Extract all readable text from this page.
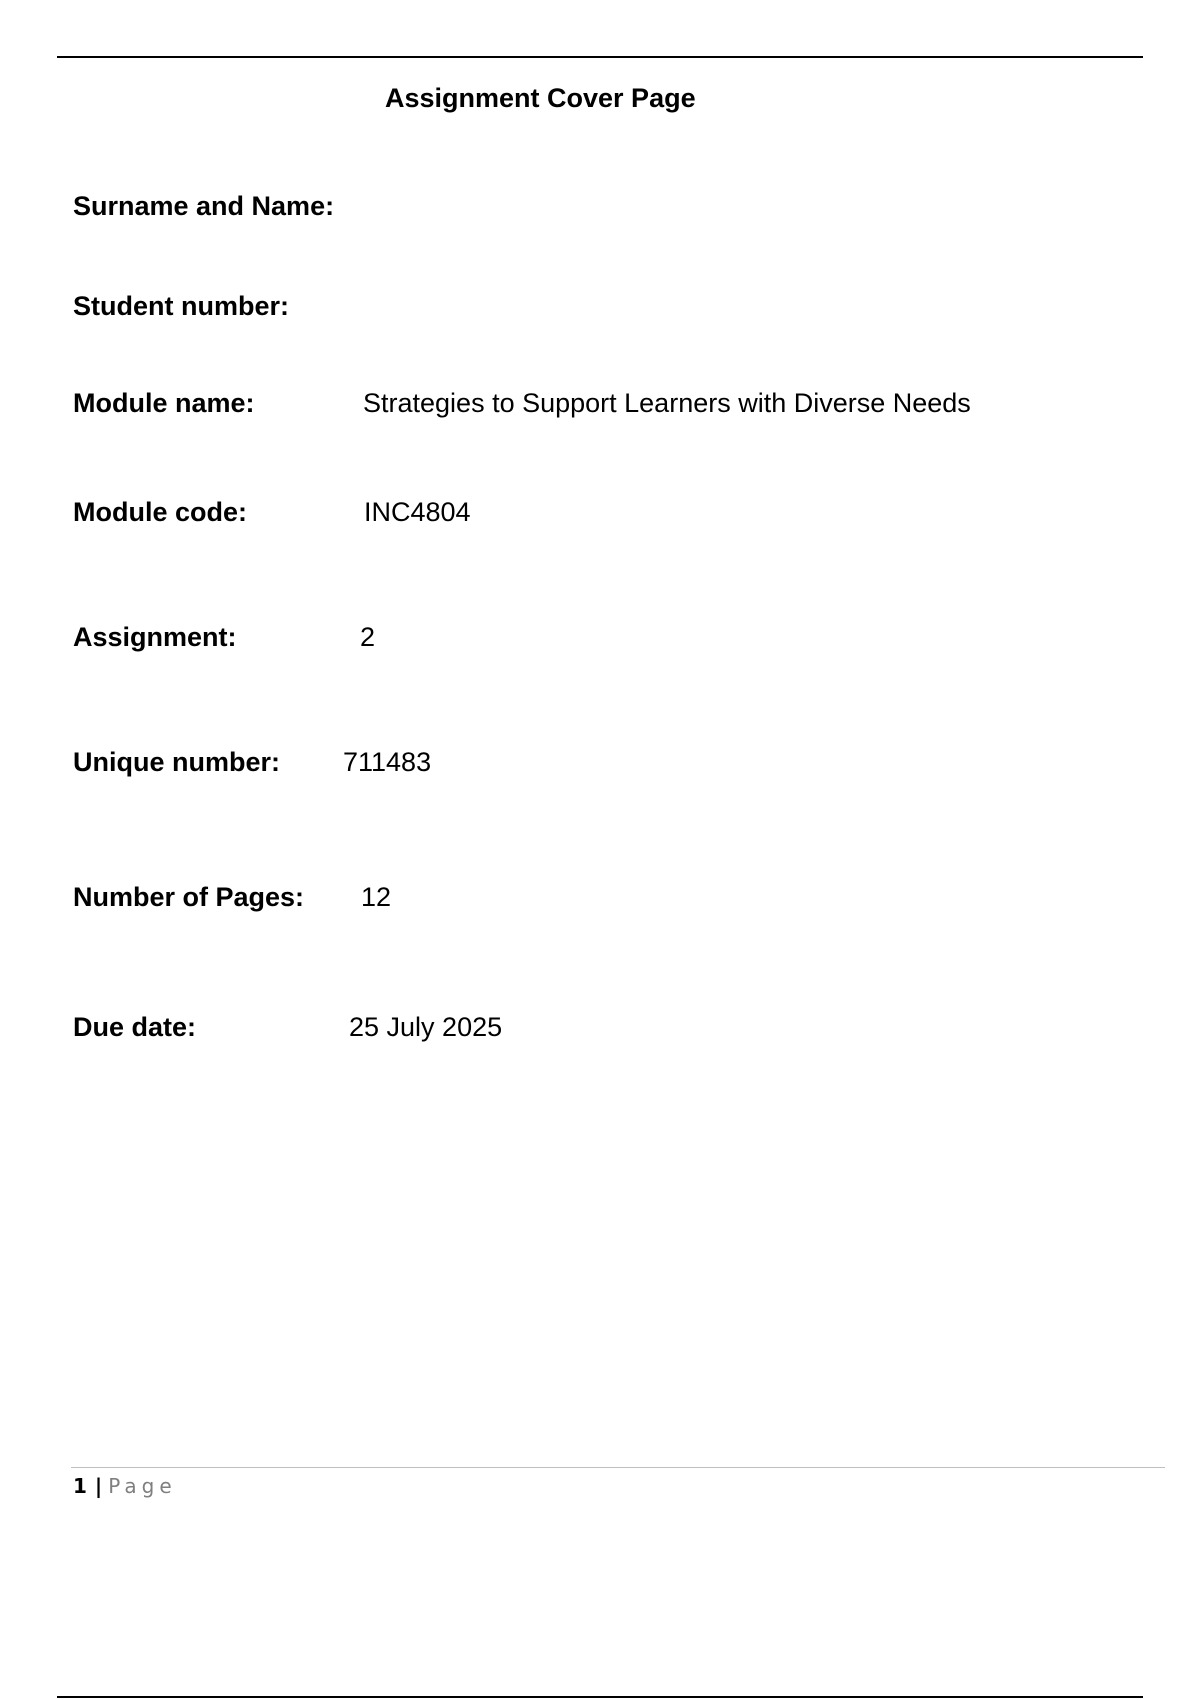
Assignment Cover Page
Surname and Name:
Student number:
Module name:	Strategies to Support Learners with Diverse Needs
Module code:	INC4804
Assignment:	2
Unique number: 711483
Number of Pages: 12
Due date:	25 July 2025
1 | Page
